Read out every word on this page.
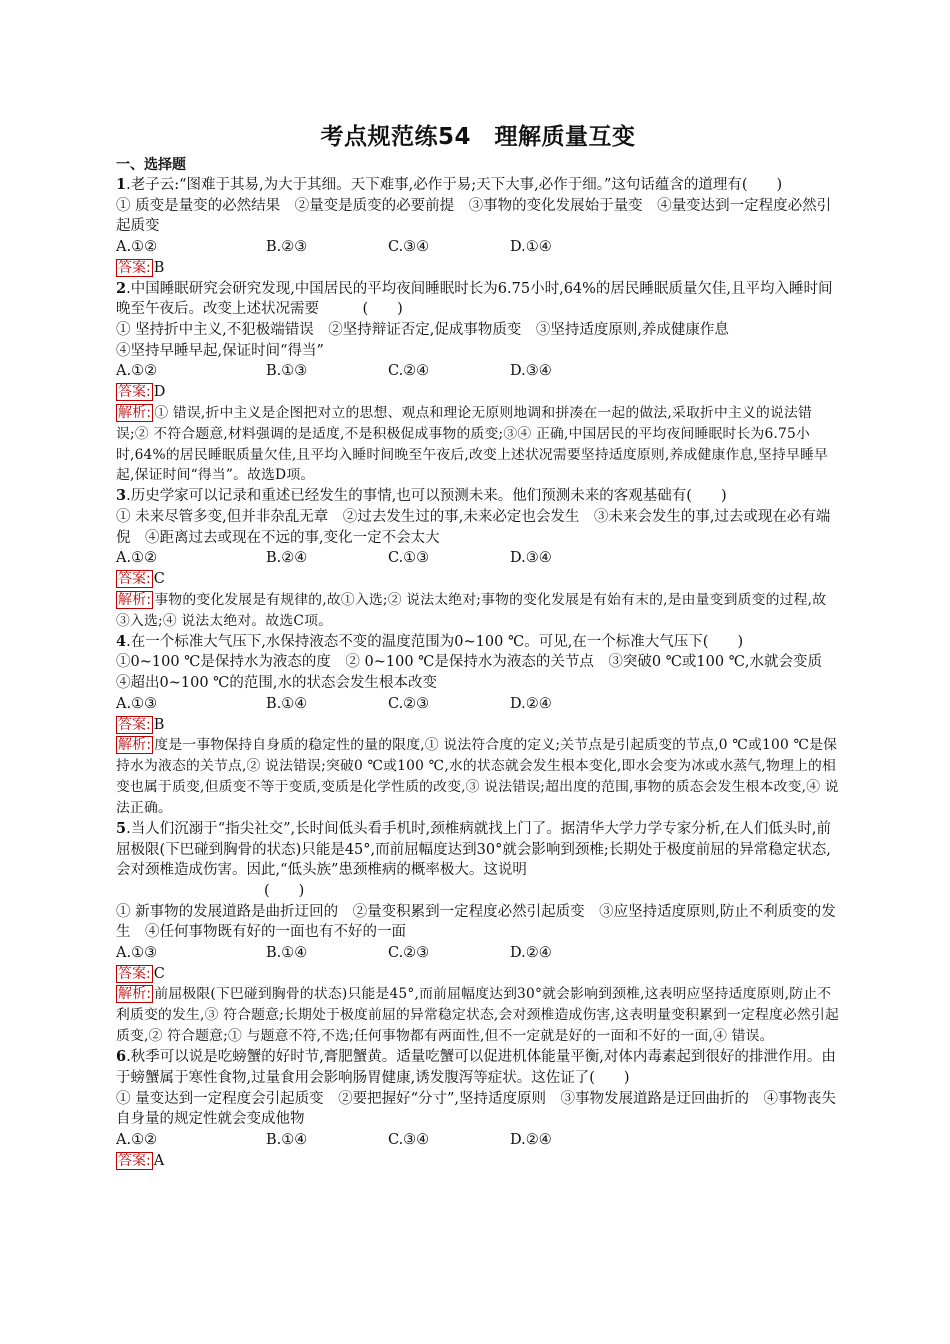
考点规范练54　理解质量互变
一、选择题
1.老子云:“图难于其易,为大于其细。天下难事,必作于易;天下大事,必作于细。”这句话蕴含的道理有(　　)
① 质变是量变的必然结果　②量变是质变的必要前提　③事物的变化发展始于量变　④量变达到一定程度必然引起质变
A.①②	B.②③	C.③④	D.①④
答案: B
2.中国睡眠研究会研究发现,中国居民的平均夜间睡眠时长为6.75小时,64%的居民睡眠质量欠佳,且平均入睡时间晚至午夜后。改变上述状况需要　　　(　　)
① 坚持折中主义,不犯极端错误　②坚持辩证否定,促成事物质变　③坚持适度原则,养成健康作息
④坚持早睡早起,保证时间“得当”
A.①②	B.①③	C.②④	D.③④
答案: D
解析: ① 错误,折中主义是企图把对立的思想、观点和理论无原则地调和拼凑在一起的做法,采取折中主义的说法错误;② 不符合题意,材料强调的是适度,不是积极促成事物的质变;③④ 正确,中国居民的平均夜间睡眠时长为6.75小时,64%的居民睡眠质量欠佳,且平均入睡时间晚至午夜后,改变上述状况需要坚持适度原则,养成健康作息,坚持早睡早起,保证时间“得当”。故选D项。
3.历史学家可以记录和重述已经发生的事情,也可以预测未来。他们预测未来的客观基础有(　　)
① 未来尽管多变,但并非杂乱无章　②过去发生过的事,未来必定也会发生　③未来会发生的事,过去或现在必有端倪　④距离过去或现在不远的事,变化一定不会太大
A.①②	B.②④	C.①③	D.③④
答案: C
解析: 事物的变化发展是有规律的,故①入选;② 说法太绝对;事物的变化发展是有始有末的,是由量变到质变的过程,故③入选;④ 说法太绝对。故选C项。
4.在一个标准大气压下,水保持液态不变的温度范围为0~100 ℃。可见,在一个标准大气压下(　　)
①0~100 ℃是保持水为液态的度　② 0~100 ℃是保持水为液态的关节点　③突破0 ℃或100 ℃,水就会变质　④超出0~100 ℃的范围,水的状态会发生根本改变
A.①③	B.①④	C.②③	D.②④
答案: B
解析: 度是一事物保持自身质的稳定性的量的限度,① 说法符合度的定义;关节点是引起质变的节点,0 ℃或100 ℃是保持水为液态的关节点,② 说法错误;突破0 ℃或100 ℃,水的状态就会发生根本变化,即水会变为冰或水蒸气,物理上的相变也属于质变,但质变不等于变质,变质是化学性质的改变,③ 说法错误;超出度的范围,事物的质态会发生根本改变,④ 说法正确。
5.当人们沉溺于“指尖社交”,长时间低头看手机时,颈椎病就找上门了。据清华大学力学专家分析,在人们低头时,前屈极限(下巴碰到胸骨的状态)只能是45°,而前屈幅度达到30°就会影响到颈椎;长期处于极度前屈的异常稳定状态,会对颈椎造成伤害。因此,“低头族”患颈椎病的概率极大。这说明
(　　)
① 新事物的发展道路是曲折迂回的　②量变积累到一定程度必然引起质变　③应坚持适度原则,防止不利质变的发生　④任何事物既有好的一面也有不好的一面
A.①③	B.①④	C.②③	D.②④
答案: C
解析: 前屈极限(下巴碰到胸骨的状态)只能是45°,而前屈幅度达到30°就会影响到颈椎,这表明应坚持适度原则,防止不利质变的发生,③ 符合题意;长期处于极度前屈的异常稳定状态,会对颈椎造成伤害,这表明量变积累到一定程度必然引起质变,② 符合题意;① 与题意不符,不选;任何事物都有两面性,但不一定就是好的一面和不好的一面,④ 错误。
6.秋季可以说是吃螃蟹的好时节,膏肥蟹黄。适量吃蟹可以促进机体能量平衡,对体内毒素起到很好的排泄作用。由于螃蟹属于寒性食物,过量食用会影响肠胃健康,诱发腹泻等症状。这佐证了(　　)
① 量变达到一定程度会引起质变　②要把握好“分寸”,坚持适度原则　③事物发展道路是迂回曲折的　④事物丧失自身量的规定性就会变成他物
A.①②	B.①④	C.③④	D.②④
答案: A
